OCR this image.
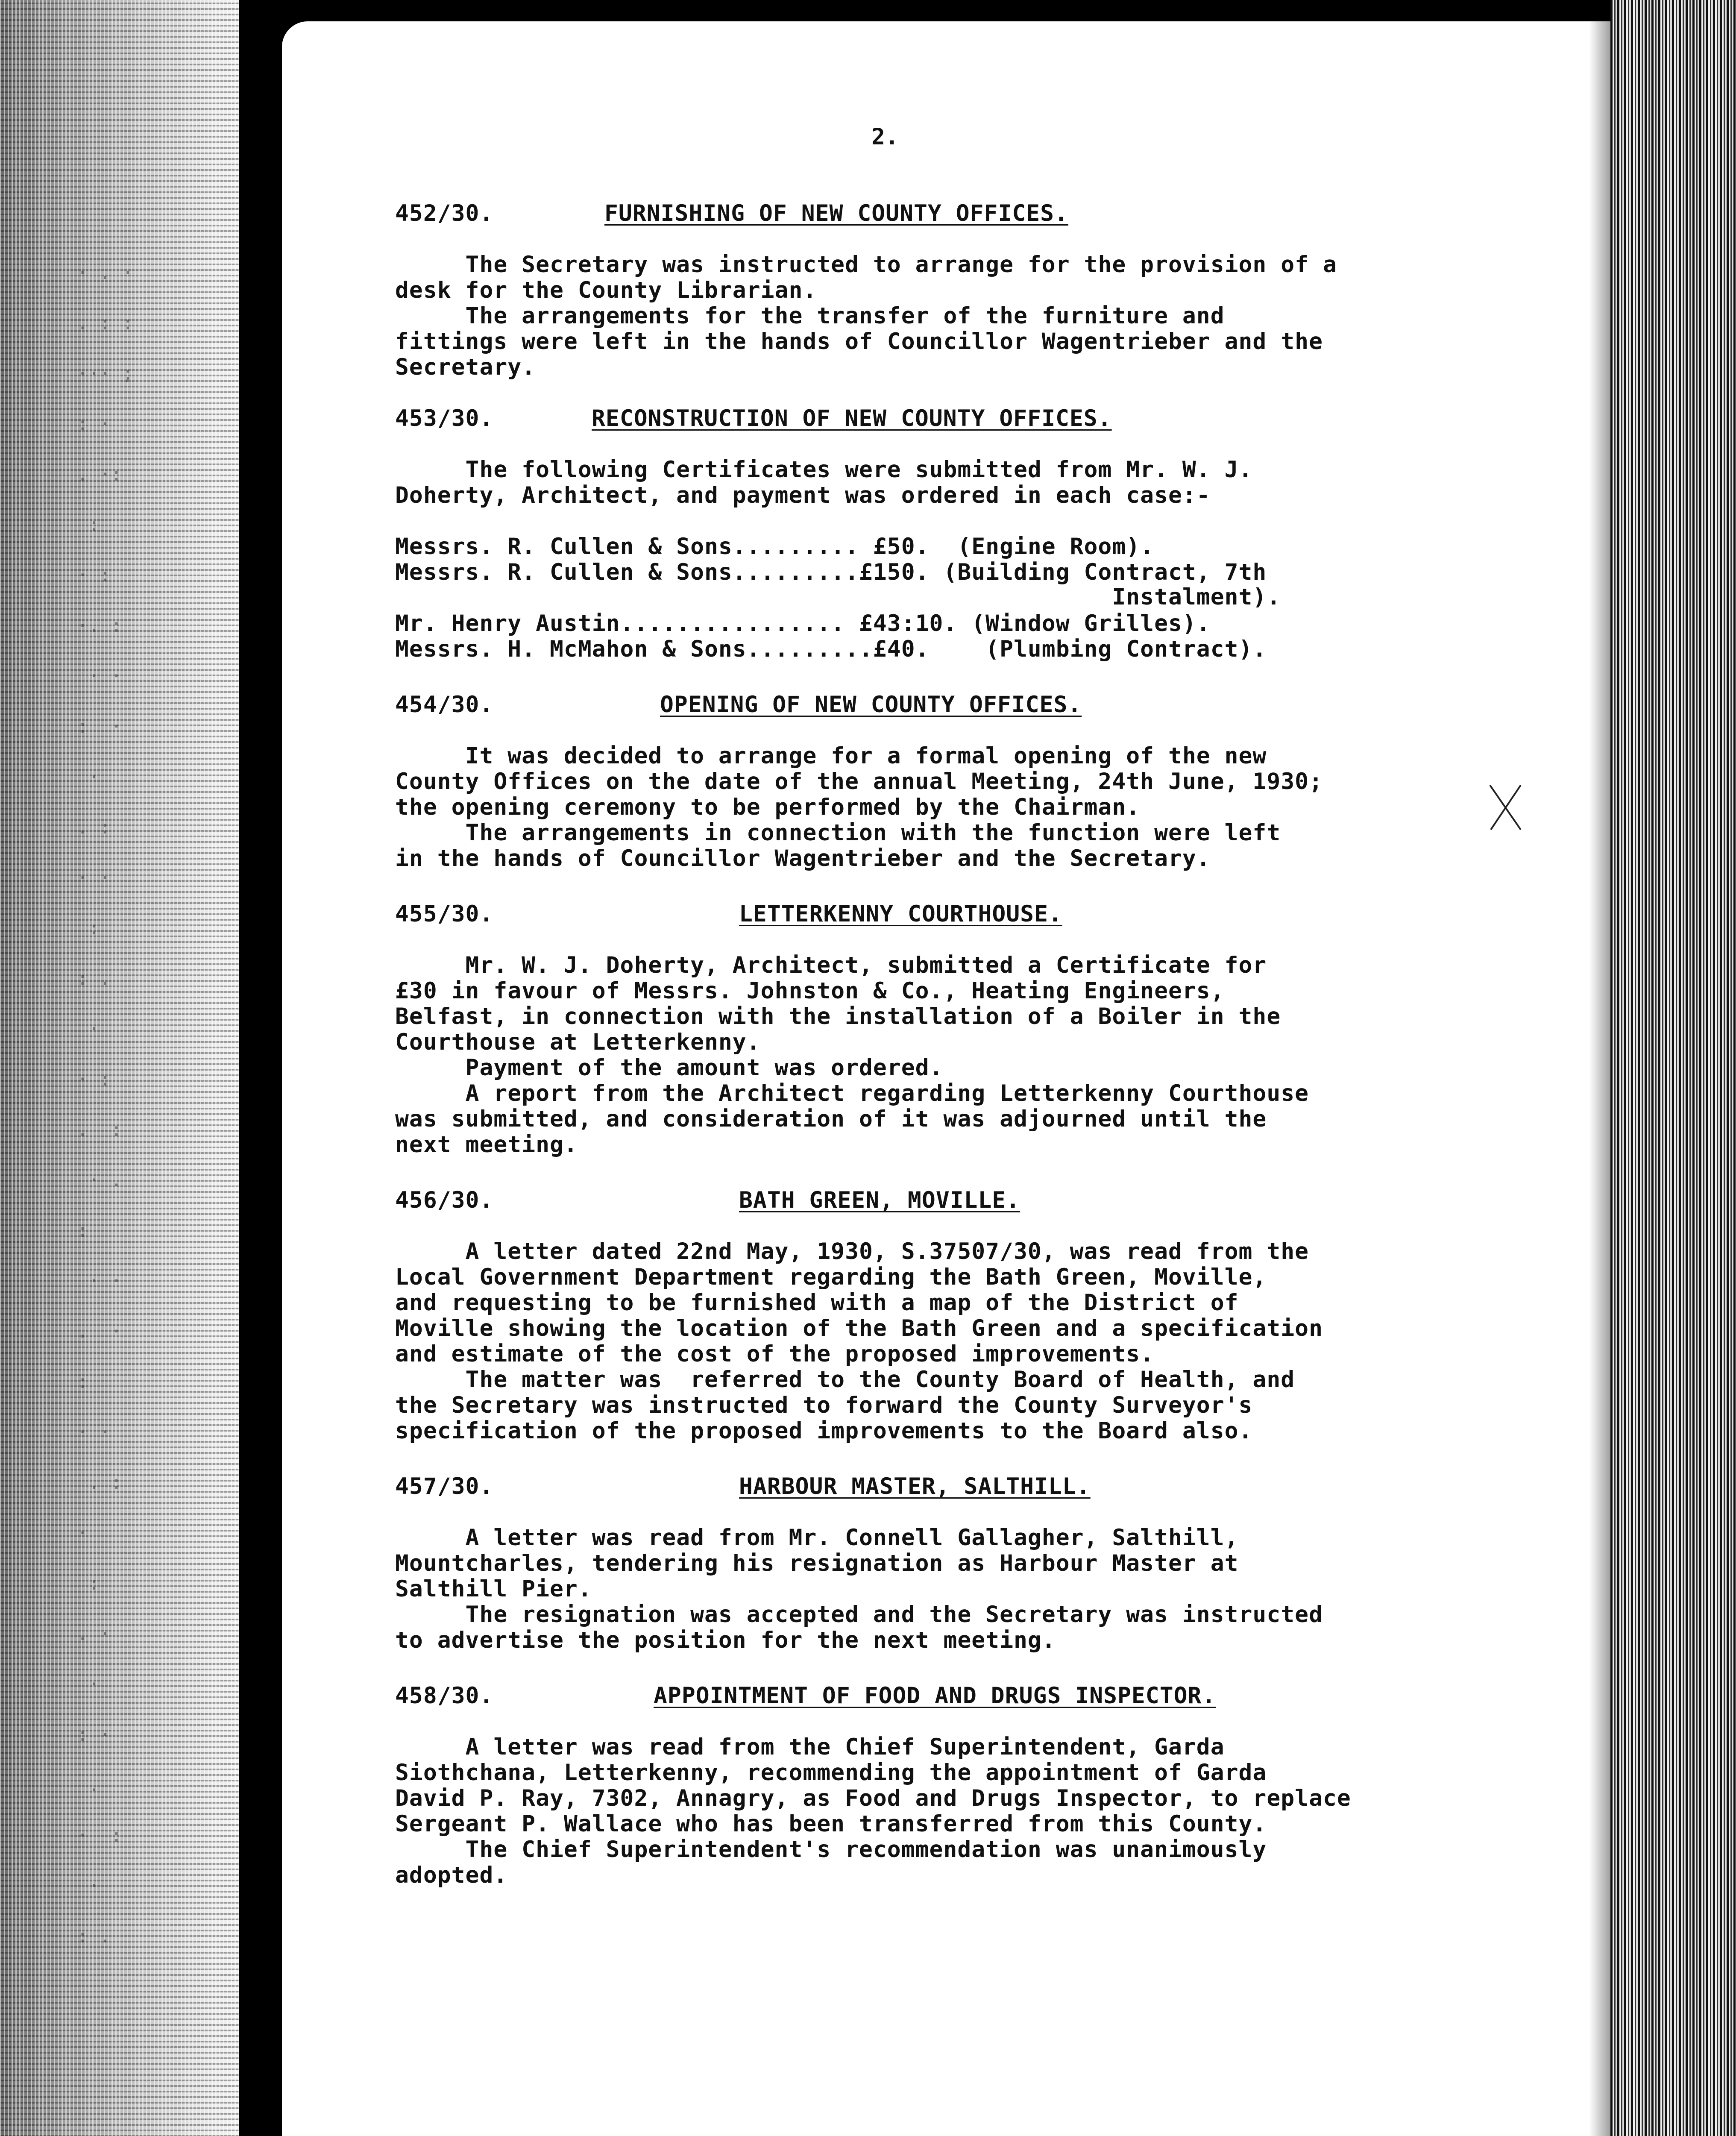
· . ·
. : :
··· ;
: ·
. ·:
:
· :
·. :
· ·
:  ·
·
. :
· ·
:
: .
·
· :
.  :
· .
:
· ·
.  ·
:
· ·
. :
·
:
. ·
·
: ·
.
·  :
·
: .
2.
452/30.	FURNISHING OF NEW COUNTY OFFICES.
The Secretary was instructed to arrange for the provision of a
desk for the County Librarian.
The arrangements for the transfer of the furniture and
fittings were left in the hands of Councillor Wagentrieber and the
Secretary.
453/30.	RECONSTRUCTION OF NEW COUNTY OFFICES.
The following Certificates were submitted from Mr. W. J.
Doherty, Architect, and payment was ordered in each case:-
Messrs. R. Cullen & Sons......... £50.  (Engine Room).
Messrs. R. Cullen & Sons.........£150. (Building Contract, 7th
Instalment).
Mr. Henry Austin................ £43:10. (Window Grilles).
Messrs. H. McMahon & Sons.........£40.    (Plumbing Contract).
454/30.	OPENING OF NEW COUNTY OFFICES.
It was decided to arrange for a formal opening of the new
County Offices on the date of the annual Meeting, 24th June, 1930;
the opening ceremony to be performed by the Chairman.
The arrangements in connection with the function were left
in the hands of Councillor Wagentrieber and the Secretary.
455/30.	LETTERKENNY COURTHOUSE.
Mr. W. J. Doherty, Architect, submitted a Certificate for
£30 in favour of Messrs. Johnston & Co., Heating Engineers,
Belfast, in connection with the installation of a Boiler in the
Courthouse at Letterkenny.
Payment of the amount was ordered.
A report from the Architect regarding Letterkenny Courthouse
was submitted, and consideration of it was adjourned until the
next meeting.
456/30.	BATH GREEN, MOVILLE.
A letter dated 22nd May, 1930, S.37507/30, was read from the
Local Government Department regarding the Bath Green, Moville,
and requesting to be furnished with a map of the District of
Moville showing the location of the Bath Green and a specification
and estimate of the cost of the proposed improvements.
The matter was  referred to the County Board of Health, and
the Secretary was instructed to forward the County Surveyor's
specification of the proposed improvements to the Board also.
457/30.	HARBOUR MASTER, SALTHILL.
A letter was read from Mr. Connell Gallagher, Salthill,
Mountcharles, tendering his resignation as Harbour Master at
Salthill Pier.
The resignation was accepted and the Secretary was instructed
to advertise the position for the next meeting.
458/30.	APPOINTMENT OF FOOD AND DRUGS INSPECTOR.
A letter was read from the Chief Superintendent, Garda
Siothchana, Letterkenny, recommending the appointment of Garda
David P. Ray, 7302, Annagry, as Food and Drugs Inspector, to replace
Sergeant P. Wallace who has been transferred from this County.
The Chief Superintendent's recommendation was unanimously
adopted.
